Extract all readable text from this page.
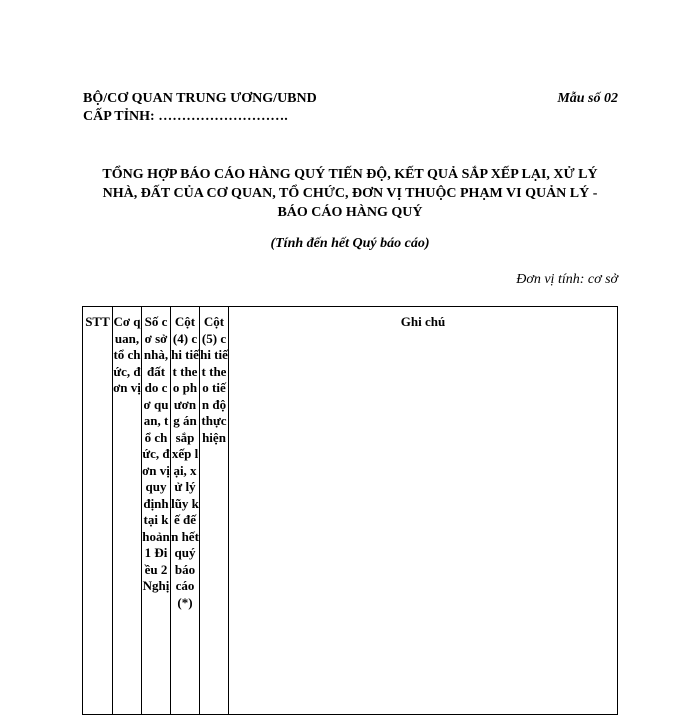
BỘ/CƠ QUAN TRUNG ƯƠNG/UBND
CẤP TỈNH: ……………………….
Mẫu số 02
TỔNG HỢP BÁO CÁO HÀNG QUÝ TIẾN ĐỘ, KẾT QUẢ SẮP XẾP LẠI, XỬ LÝ
NHÀ, ĐẤT CỦA CƠ QUAN, TỔ CHỨC, ĐƠN VỊ THUỘC PHẠM VI QUẢN LÝ -
BÁO CÁO HÀNG QUÝ
(Tính đến hết Quý báo cáo)
Đơn vị tính: cơ sở
STT	Cơ quan, tổ chức, đơn vị	Số cơ sở nhà, đất do cơ quan, tổ chức, đơn vị quy định tại khoản 1 Điều 2 Nghị	Cột (4) chi tiết theo phương án sắp xếp lại, xử lý lũy kế đến hết quý báo cáo (*)	Cột (5) chi tiết theo tiến độ thực hiện	Ghi chú
